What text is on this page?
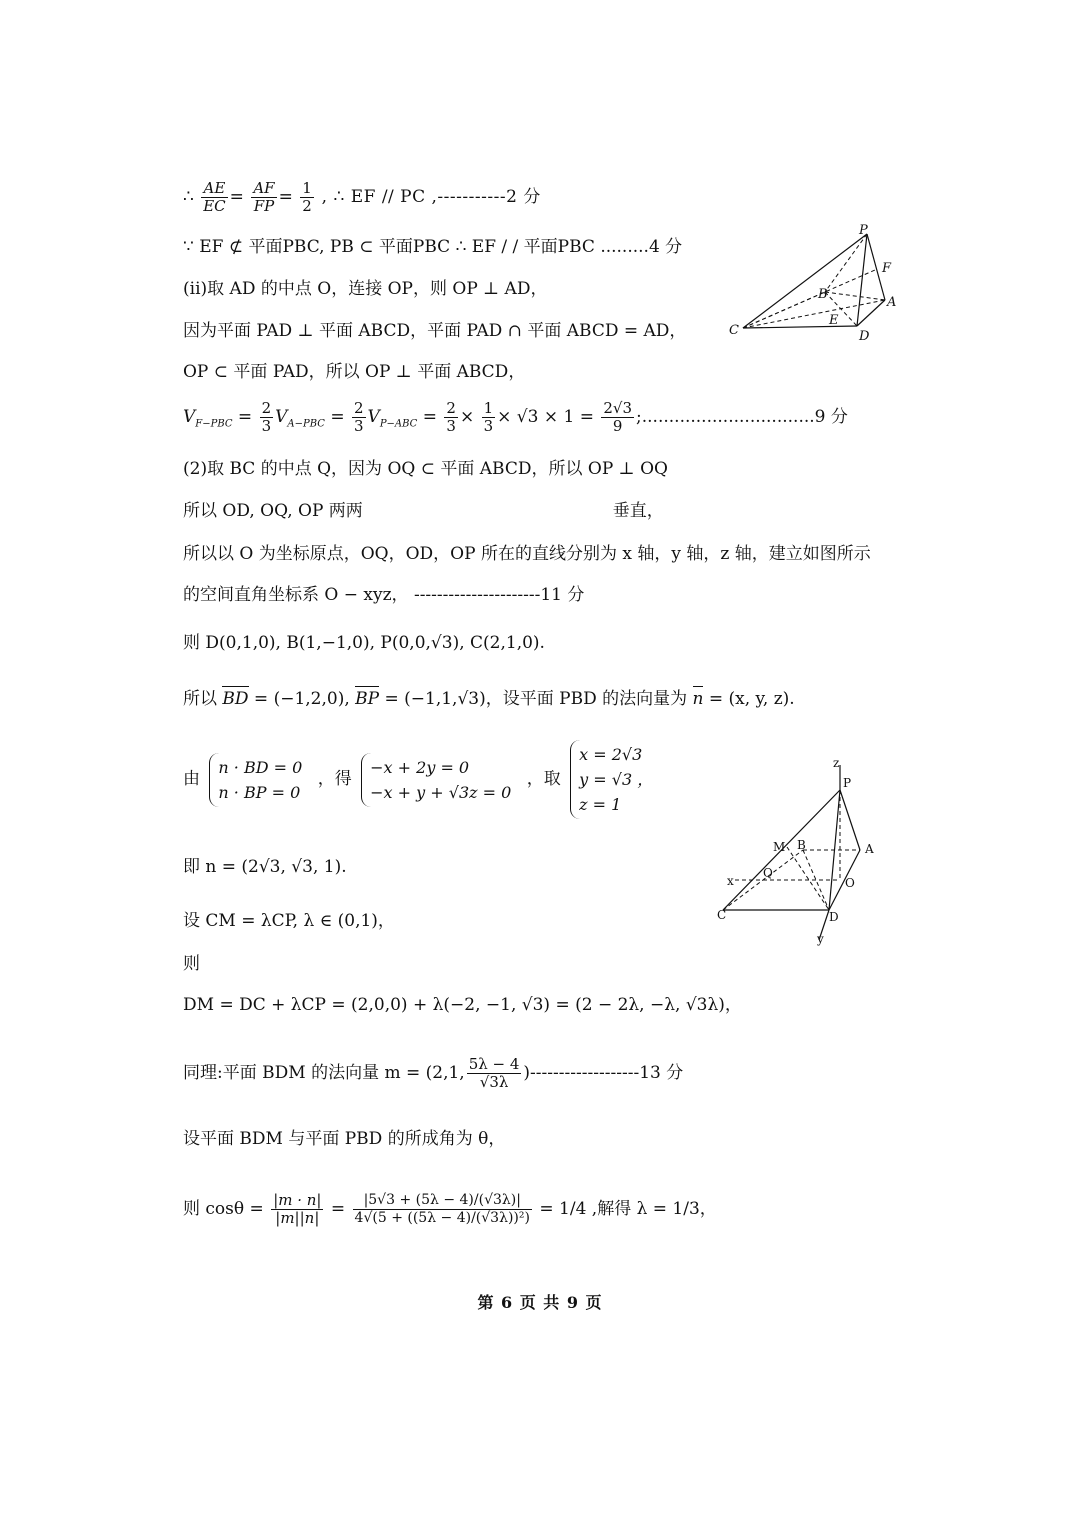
∴ $\frac{AE}{EC} = \frac{AF}{FP} = \frac{1}{2}$ , ∴ EF // PC ,-----------2 分
∵ EF ⊄ 平面PBC, PB ⊂ 平面PBC ∴ EF / / 平面PBC .........4 分
(ii)取 AD 的中点 O，连接 OP，则 OP ⊥ AD，
因为平面 PAD ⊥ 平面 ABCD，平面 PAD ∩ 平面 ABCD = AD，
OP ⊂ 平面 PAD，所以 OP ⊥ 平面 ABCD，
$V_{F-PBC} = \frac{2}{3} V_{A-PBC} = \frac{2}{3} V_{P-ABC} = \frac{2}{3} \times \frac{1}{3} \times √3 \times 1 = \frac{2√3}{9}$ ;................................9 分
(2)取 BC 的中点 Q，因为 OQ ⊂ 平面 ABCD，所以 OP ⊥ OQ
所以 OD, OQ, OP 两两	垂直，
所以以 O 为坐标原点，OQ，OD，OP 所在的直线分别为 x 轴，y 轴，z 轴，建立如图所示
的空间直角坐标系 O − xyz， ----------------------11 分
则 D(0,1,0), B(1,−1,0), P(0,0,√3), C(2,1,0).
所以 BD = (−1,2,0), BP = (−1,1,√3)，设平面 PBD 的法向量为 n = (x, y, z).
由
n · BD = 0
n · BP = 0
，得
−x + 2y = 0
−x + y + √3z = 0
，取
x = 2√3
y = √3 ，
z = 1
即 n = (2√3, √3, 1).
设 CM = λCP, λ ∈ (0,1)，
则
DM = DC + λCP = (2,0,0) + λ(−2, −1, √3) = (2 − 2λ, −λ, √3λ)，
同理:平面 BDM 的法向量 m = (2,1, $\frac{5\lambda - 4}{√3\lambda} )-------------------13$ 分
设平面 BDM 与平面 PBD 的所成角为 θ，
则 $\cos\theta = \frac{|m \cdot n|}{|m||n|} = \frac{|5√3 + (5\lambda - 4)/(√3\lambda)|}{\text{4√(5 + ((5λ − 4)/(√3λ))²)}} = 1/4$ ,解得 λ = 1/3，
P
F
B
A
E
C	D
z
P
M B	A
Q
O
x
C	D
y
第 6 页 共 9 页
